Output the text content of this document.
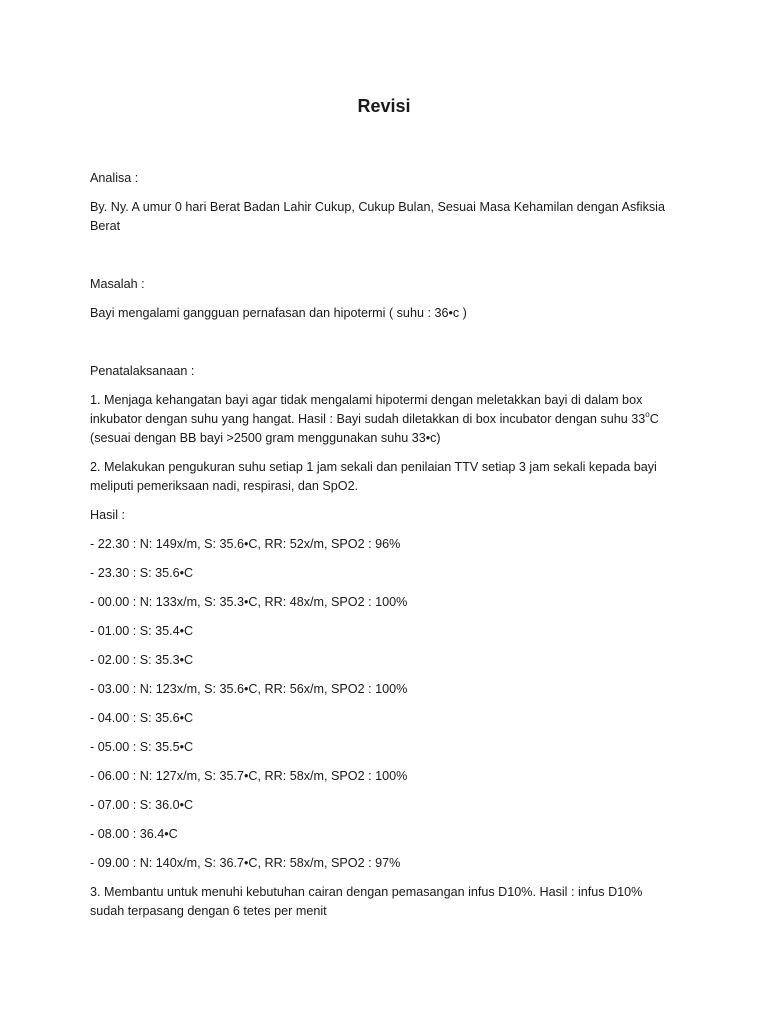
Revisi

Analisa :

By. Ny. A umur 0 hari Berat Badan Lahir Cukup, Cukup Bulan, Sesuai Masa Kehamilan dengan Asfiksia Berat

Masalah :

Bayi mengalami gangguan pernafasan dan hipotermi ( suhu : 36•c )

Penatalaksanaan :

1. Menjaga kehangatan bayi agar tidak mengalami hipotermi dengan meletakkan bayi di dalam box inkubator dengan suhu yang hangat. Hasil : Bayi sudah diletakkan di box incubator dengan suhu 33$^o$C (sesuai dengan BB bayi >2500 gram menggunakan suhu 33•c)

2. Melakukan pengukuran suhu setiap 1 jam sekali dan penilaian TTV setiap 3 jam sekali kepada bayi meliputi pemeriksaan nadi, respirasi, dan SpO2.

Hasil :

- 22.30 : N: 149x/m, S: 35.6•C, RR: 52x/m, SPO2 : 96%

- 23.30 : S: 35.6•C

- 00.00 : N: 133x/m, S: 35.3•C, RR: 48x/m, SPO2 : 100%

- 01.00 : S: 35.4•C

- 02.00 : S: 35.3•C

- 03.00 : N: 123x/m, S: 35.6•C, RR: 56x/m, SPO2 : 100%

- 04.00 : S: 35.6•C

- 05.00 : S: 35.5•C

- 06.00 : N: 127x/m, S: 35.7•C, RR: 58x/m, SPO2 : 100%

- 07.00 : S: 36.0•C

- 08.00 : 36.4•C

- 09.00 : N: 140x/m, S: 36.7•C, RR: 58x/m, SPO2 : 97%

3. Membantu untuk menuhi kebutuhan cairan dengan pemasangan infus D10%. Hasil : infus D10% sudah terpasang dengan 6 tetes per menit
